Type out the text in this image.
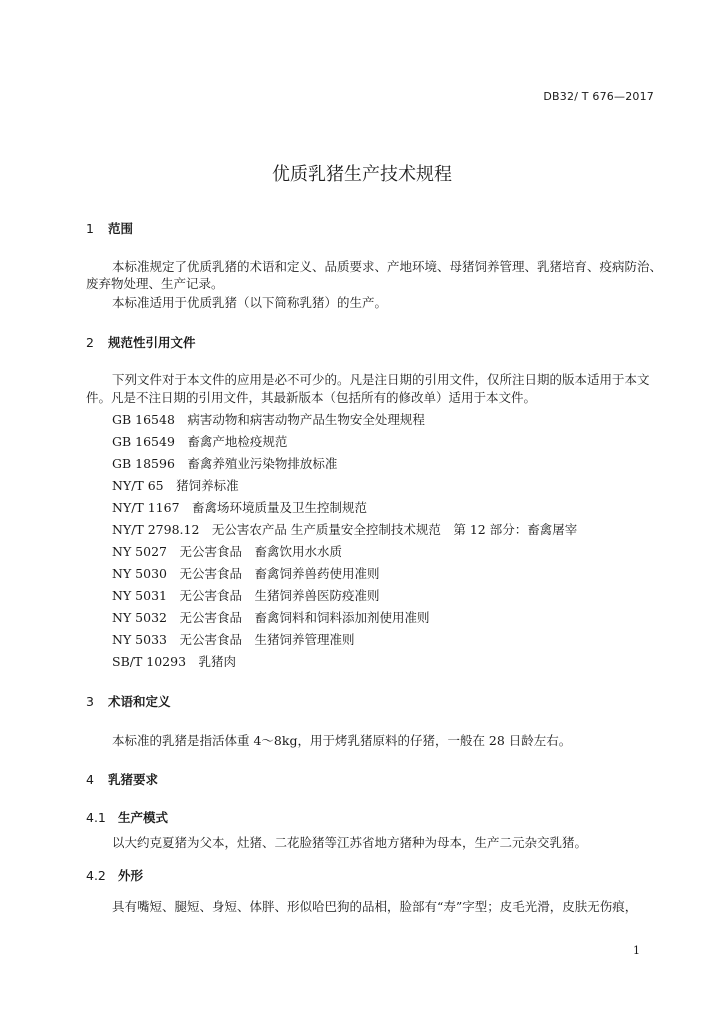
DB32/ T 676—2017
优质乳猪生产技术规程
1 范围
本标准规定了优质乳猪的术语和定义、品质要求、产地环境、母猪饲养管理、乳猪培育、疫病防治、
废弃物处理、生产记录。
本标准适用于优质乳猪（以下简称乳猪）的生产。
2 规范性引用文件
下列文件对于本文件的应用是必不可少的。凡是注日期的引用文件，仅所注日期的版本适用于本文
件。凡是不注日期的引用文件，其最新版本（包括所有的修改单）适用于本文件。
GB 16548　病害动物和病害动物产品生物安全处理规程
GB 16549　畜禽产地检疫规范
GB 18596　畜禽养殖业污染物排放标准
NY/T 65　猪饲养标准
NY/T 1167　畜禽场环境质量及卫生控制规范
NY/T 2798.12　无公害农产品 生产质量安全控制技术规范　第 12 部分：畜禽屠宰
NY 5027　无公害食品　畜禽饮用水水质
NY 5030　无公害食品　畜禽饲养兽药使用准则
NY 5031　无公害食品　生猪饲养兽医防疫准则
NY 5032　无公害食品　畜禽饲料和饲料添加剂使用准则
NY 5033　无公害食品　生猪饲养管理准则
SB/T 10293　乳猪肉
3 术语和定义
本标准的乳猪是指活体重 4～8kg，用于烤乳猪原料的仔猪，一般在 28 日龄左右。
4 乳猪要求
4.1 生产模式
以大约克夏猪为父本，灶猪、二花脸猪等江苏省地方猪种为母本，生产二元杂交乳猪。
4.2 外形
具有嘴短、腿短、身短、体胖、形似哈巴狗的品相，脸部有“寿”字型；皮毛光滑，皮肤无伤痕，
1
